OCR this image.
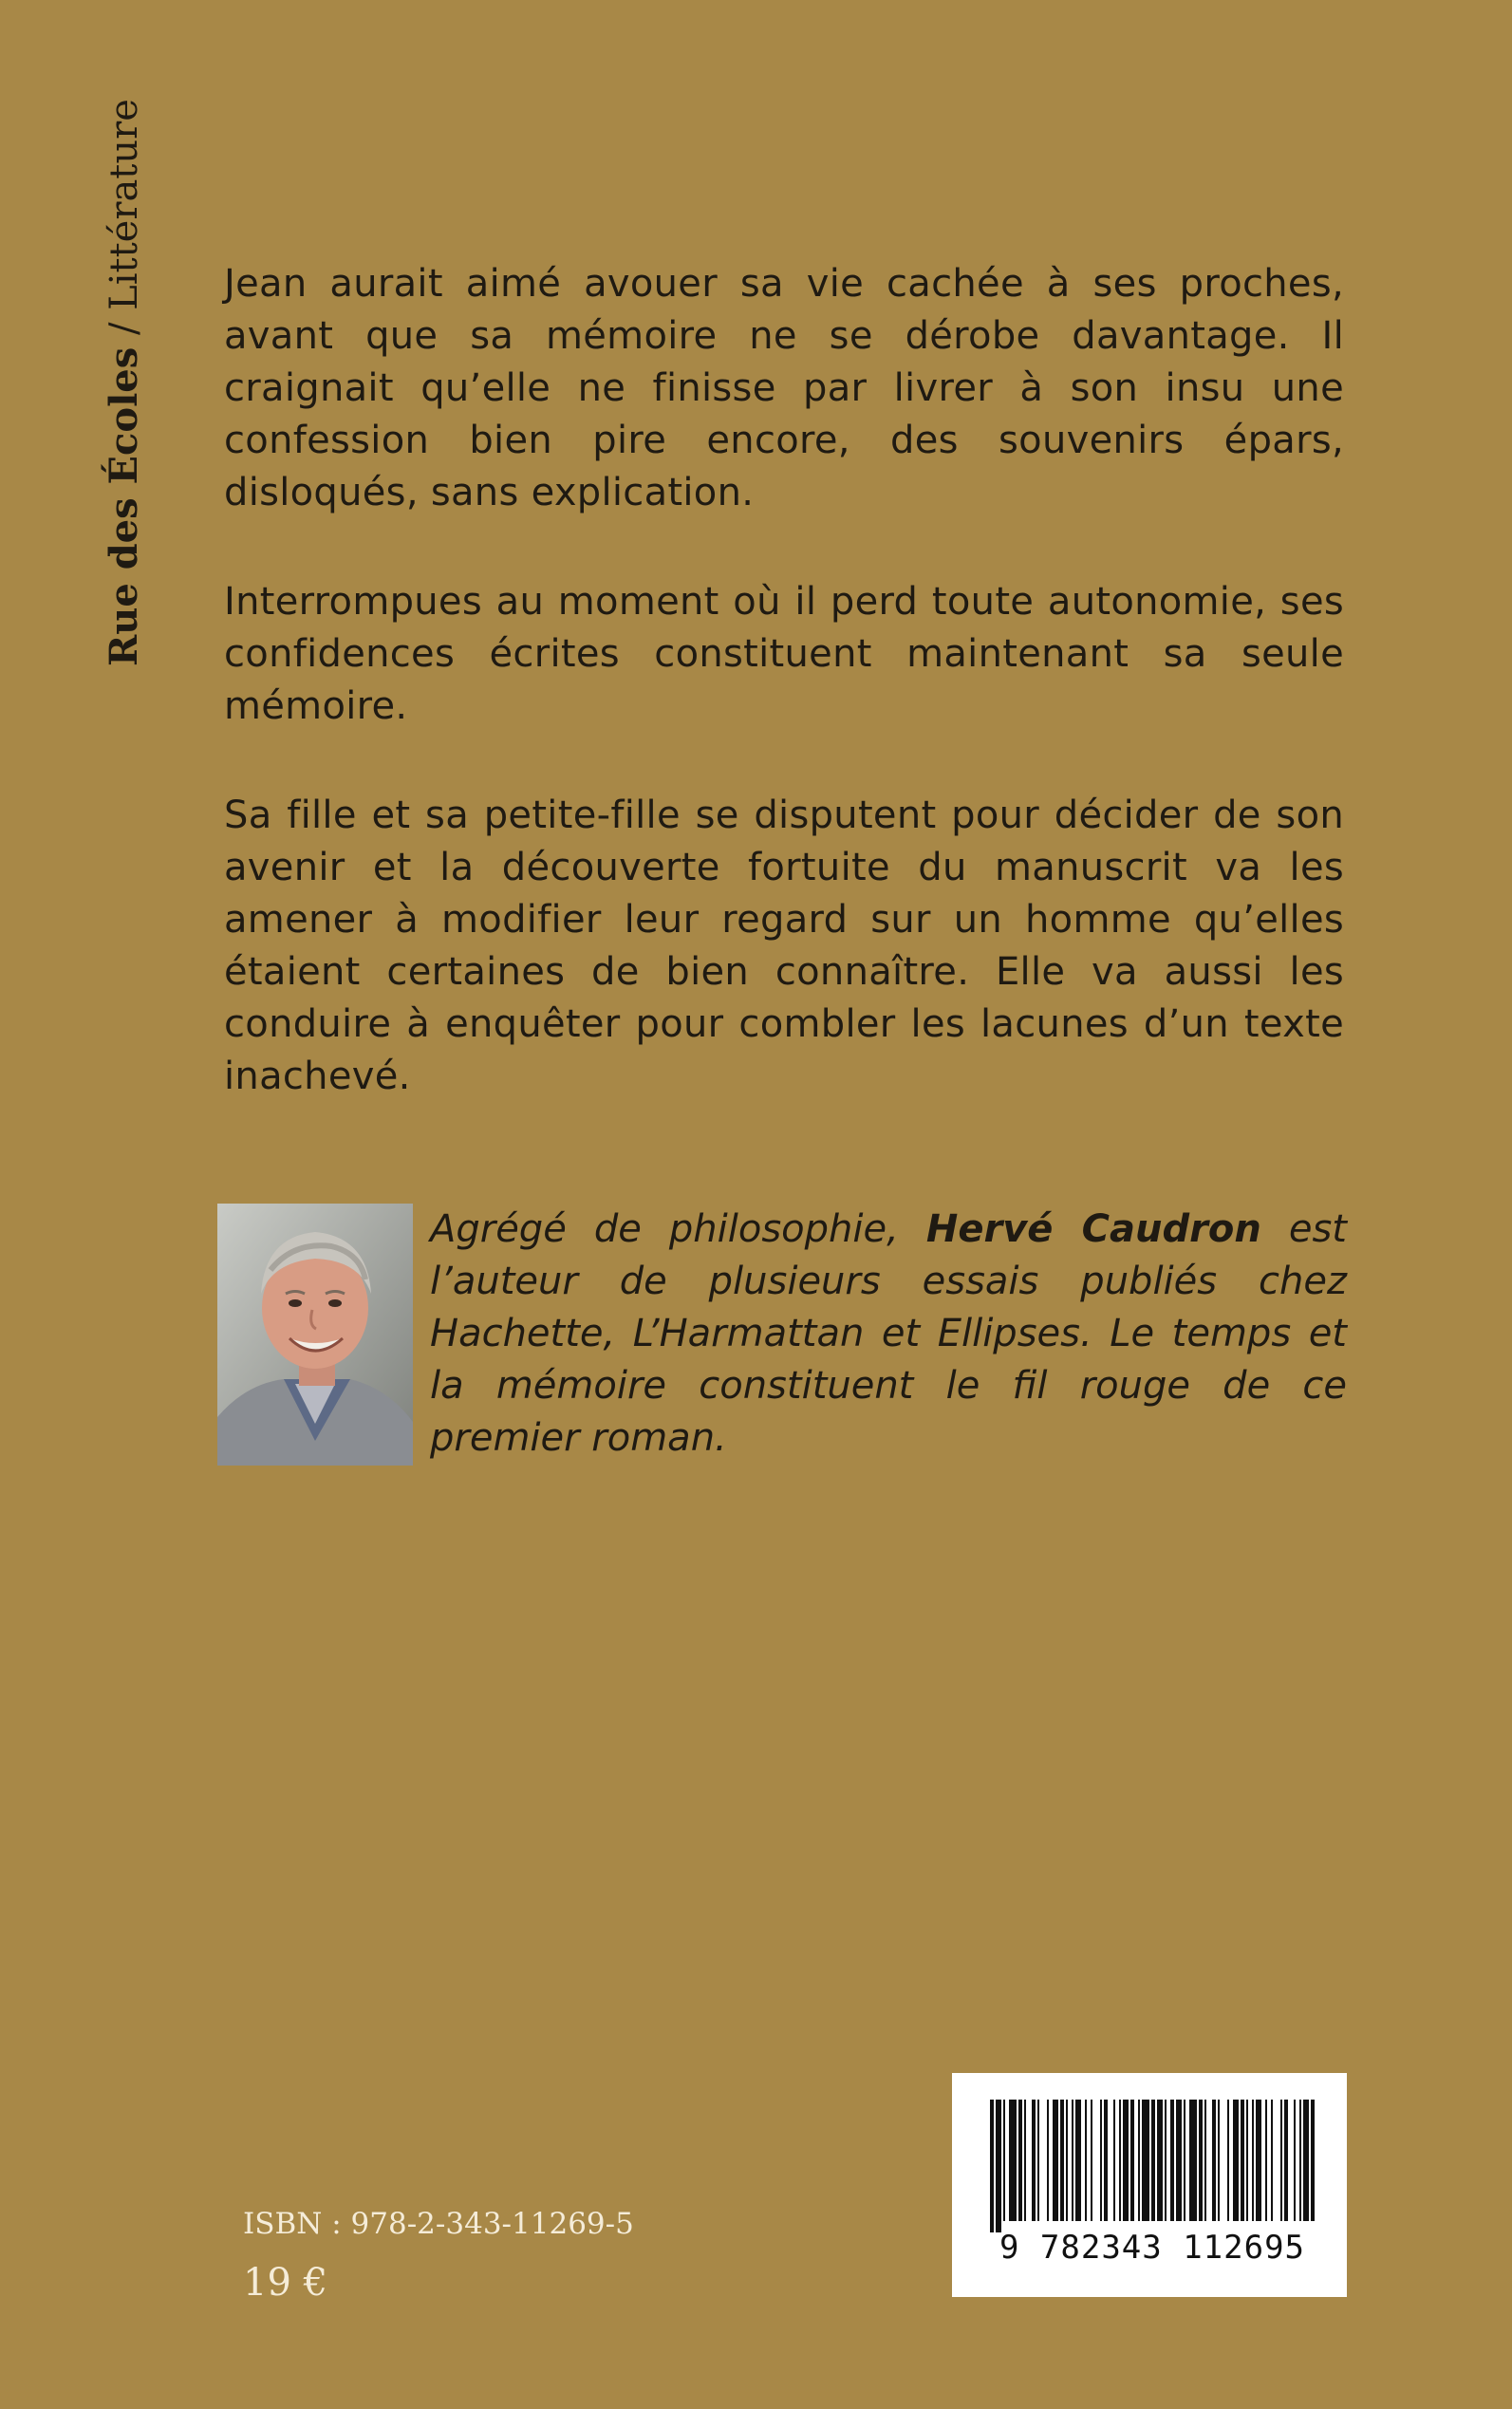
Rue des Écoles / Littérature Jean aurait aimé avouer sa vie cachée à ses proches, avant que sa mémoire ne se dérobe davantage. Il craignait qu’elle ne finisse par livrer à son insu une confession bien pire encore, des souvenirs épars, disloqués, sans explication.

Interrompues au moment où il perd toute autonomie, ses confidences écrites constituent maintenant sa seule mémoire.

Sa fille et sa petite-fille se disputent pour décider de son avenir et la découverte fortuite du manuscrit va les amener à modifier leur regard sur un homme qu’elles étaient certaines de bien connaître. Elle va aussi les conduire à enquêter pour combler les lacunes d’un texte inachevé.

Agrégé de philosophie, Hervé Caudron est l’auteur de plusieurs essais publiés chez Hachette, L’Harmattan et Ellipses. Le temps et la mémoire constituent le fil rouge de ce premier roman.

ISBN : 978-2-343-11269-5
19 €
9 782343 112695
